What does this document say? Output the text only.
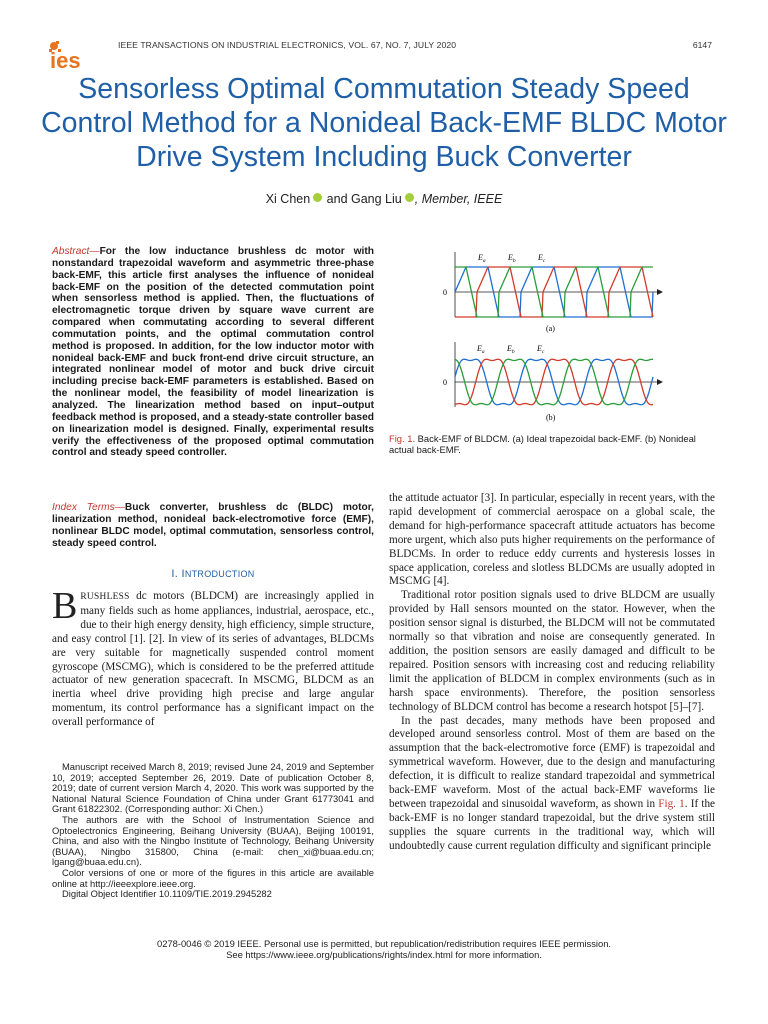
ies
IEEE TRANSACTIONS ON INDUSTRIAL ELECTRONICS, VOL. 67, NO. 7, JULY 2020	6147
Sensorless Optimal Commutation Steady Speed Control Method for a Nonideal Back-EMF BLDC Motor Drive System Including Buck Converter
Xi Chen and Gang Liu , Member, IEEE
Abstract—For the low inductance brushless dc motor with nonstandard trapezoidal waveform and asymmetric three-phase back-EMF, this article first analyses the influence of nonideal back-EMF on the position of the detected commutation point when sensorless method is applied. Then, the fluctuations of electromagnetic torque driven by square wave current are compared when commutating according to several different commutation points, and the optimal commutation control method is proposed. In addition, for the low inductor motor with nonideal back-EMF and buck front-end drive circuit structure, an integrated nonlinear model of motor and buck drive circuit including precise back-EMF parameters is established. Based on the nonlinear model, the feasibility of model linearization is analyzed. The linearization method based on input–output feedback method is proposed, and a steady-state controller based on linearization model is designed. Finally, experimental results verify the effectiveness of the proposed optimal commutation control and steady speed controller.
Index Terms—Buck converter, brushless dc (BLDC) motor, linearization method, nonideal back-electromotive force (EMF), nonlinear BLDC model, optimal commutation, sensorless control, steady speed control.
I. INTRODUCTION
BRUSHLESS dc motors (BLDCM) are increasingly applied in many fields such as home appliances, industrial, aerospace, etc., due to their high energy density, high efficiency, simple structure, and easy control [1]. [2]. In view of its series of advantages, BLDCMs are very suitable for magnetically suspended control moment gyroscope (MSCMG), which is considered to be the preferred attitude actuator of new generation spacecraft. In MSCMG, BLDCM as an inertia wheel drive providing high precise and large angular momentum, its control performance has a significant impact on the overall performance of

Manuscript received March 8, 2019; revised June 24, 2019 and September 10, 2019; accepted September 26, 2019. Date of publication October 8, 2019; date of current version March 4, 2020. This work was supported by the National Natural Science Foundation of China under Grant 61773041 and Grant 61822302. (Corresponding author: Xi Chen.)

The authors are with the School of Instrumentation Science and Optoelectronics Engineering, Beihang University (BUAA), Beijing 100191, China, and also with the Ningbo Institute of Technology, Beihang University (BUAA), Ningbo 315800, China (e-mail: chen_xi@buaa.edu.cn; lgang@buaa.edu.cn).

Color versions of one or more of the figures in this article are available online at http://ieeexplore.ieee.org.

Digital Object Identifier 10.1109/TIE.2019.2945282

0
$E_a$	$E_b$	$E_c$
(a)
0
$E_a$	$E_b$	$E_c$
(b)
Fig. 1. Back-EMF of BLDCM. (a) Ideal trapezoidal back-EMF. (b) Nonideal actual back-EMF.

the attitude actuator [3]. In particular, especially in recent years, with the rapid development of commercial aerospace on a global scale, the demand for high-performance spacecraft attitude actuators has become more urgent, which also puts higher requirements on the performance of BLDCMs. In order to reduce eddy currents and hysteresis losses in space application, coreless and slotless BLDCMs are usually adopted in MSCMG [4].

Traditional rotor position signals used to drive BLDCM are usually provided by Hall sensors mounted on the stator. However, when the position sensor signal is disturbed, the BLDCM will not be commutated normally so that vibration and noise are consequently generated. In addition, the position sensors are easily damaged and difficult to be repaired. Position sensors with increasing cost and reducing reliability limit the application of BLDCM in complex environments (such as in harsh space environments). Therefore, the position sensorless technology of BLDCM control has become a research hotspot [5]–[7].

In the past decades, many methods have been proposed and developed around sensorless control. Most of them are based on the assumption that the back-electromotive force (EMF) is trapezoidal and symmetrical waveform. However, due to the design and manufacturing defection, it is difficult to realize standard trapezoidal and symmetrical back-EMF waveform. Most of the actual back-EMF waveforms lie between trapezoidal and sinusoidal waveform, as shown in Fig. 1. If the back-EMF is no longer standard trapezoidal, but the drive system still supplies the square currents in the traditional way, which will undoubtedly cause current regulation difficulty and significant principle

0278-0046 © 2019 IEEE. Personal use is permitted, but republication/redistribution requires IEEE permission.
See https://www.ieee.org/publications/rights/index.html for more information.
